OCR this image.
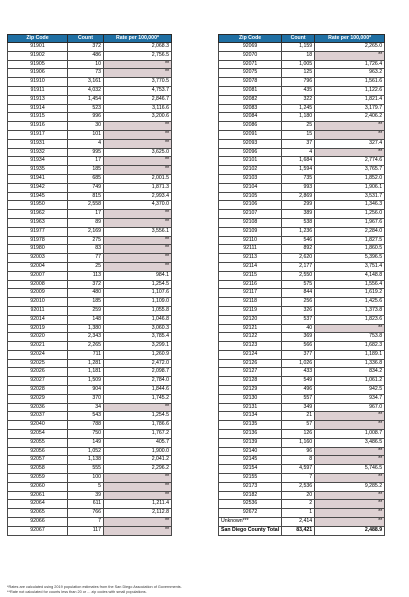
Zip Code	Count	Rate per 100,000*
91901	372	2,068.3
91902	486	2,756.5
91905	10	**
91906	73	**
91910	3,161	3,770.5
91911	4,032	4,753.7
91913	1,454	2,846.7
91914	523	3,116.6
91915	996	3,200.6
91916	30	**
91917	101	**
91931	4	**
91932	995	3,625.0
91934	17	**
91935	185	**
91941	685	2,001.5
91942	749	1,871.3
91945	815	2,993.4
91950	2,558	4,370.0
91962	17	**
91963	89	**
91977	2,169	3,556.1
91978	275	**
91980	83	**
92003	77	**
92004	25	**
92007	113	984.1
92008	372	1,254.5
92009	480	1,107.6
92010	185	1,109.0
92011	259	1,055.8
92014	148	1,046.8
92019	1,380	3,060.3
92020	2,343	3,785.4
92021	2,265	3,299.1
92024	711	1,260.9
92025	1,281	2,472.0
92026	1,181	2,098.7
92027	1,509	2,784.0
92028	904	1,844.6
92029	370	1,745.2
92036	34	**
92037	543	1,254.5
92040	788	1,786.6
92054	750	1,767.2
92055	149	405.7
92056	1,052	1,900.0
92057	1,138	2,041.2
92058	555	2,296.2
92059	100	**
92060	5	**
92061	39	**
92064	611	1,211.4
92065	766	2,112.8
92066	7	**
92067	117	**
Zip Code	Count	Rate per 100,000*
92069	1,159	2,265.0
92070	18	**
92071	1,005	1,726.4
92075	125	963.2
92078	796	1,561.6
92081	435	1,122.6
92082	322	1,821.4
92083	1,245	3,179.7
92084	1,180	2,406.2
92086	25	**
92091	15	**
92093	37	327.4
92096	4	**
92101	1,684	2,774.6
92102	1,594	3,765.7
92103	735	1,852.0
92104	993	1,906.1
92105	2,869	3,531.7
92106	299	1,346.3
92107	389	1,256.0
92108	538	1,967.6
92109	1,236	2,284.0
92110	546	1,827.5
92111	892	1,860.5
92113	2,620	5,396.5
92114	2,177	3,751.4
92115	2,550	4,148.8
92116	575	1,556.4
92117	844	1,619.2
92118	256	1,425.6
92119	326	1,373.8
92120	537	1,823.6
92121	40	**
92122	369	753.8
92123	566	1,682.3
92124	377	1,189.1
92126	1,026	1,336.8
92127	433	834.2
92128	549	1,061.2
92129	496	942.5
92130	557	934.7
92131	349	967.0
92134	21	**
92135	57	**
92136	126	1,008.7
92139	1,160	3,486.5
92140	96	**
92145	8	**
92154	4,597	5,746.5
92155	7	**
92173	2,536	9,285.2
92182	20	**
92536	2	**
92672	1	**
Unknown***	2,414	**
San Diego County Total	83,421	2,488.9
*Rates are calculated using 2019 population estimates from the San Diego Association of Governments.
**Rate not calculated for counts less than 20 or ... zip codes with small populations.
